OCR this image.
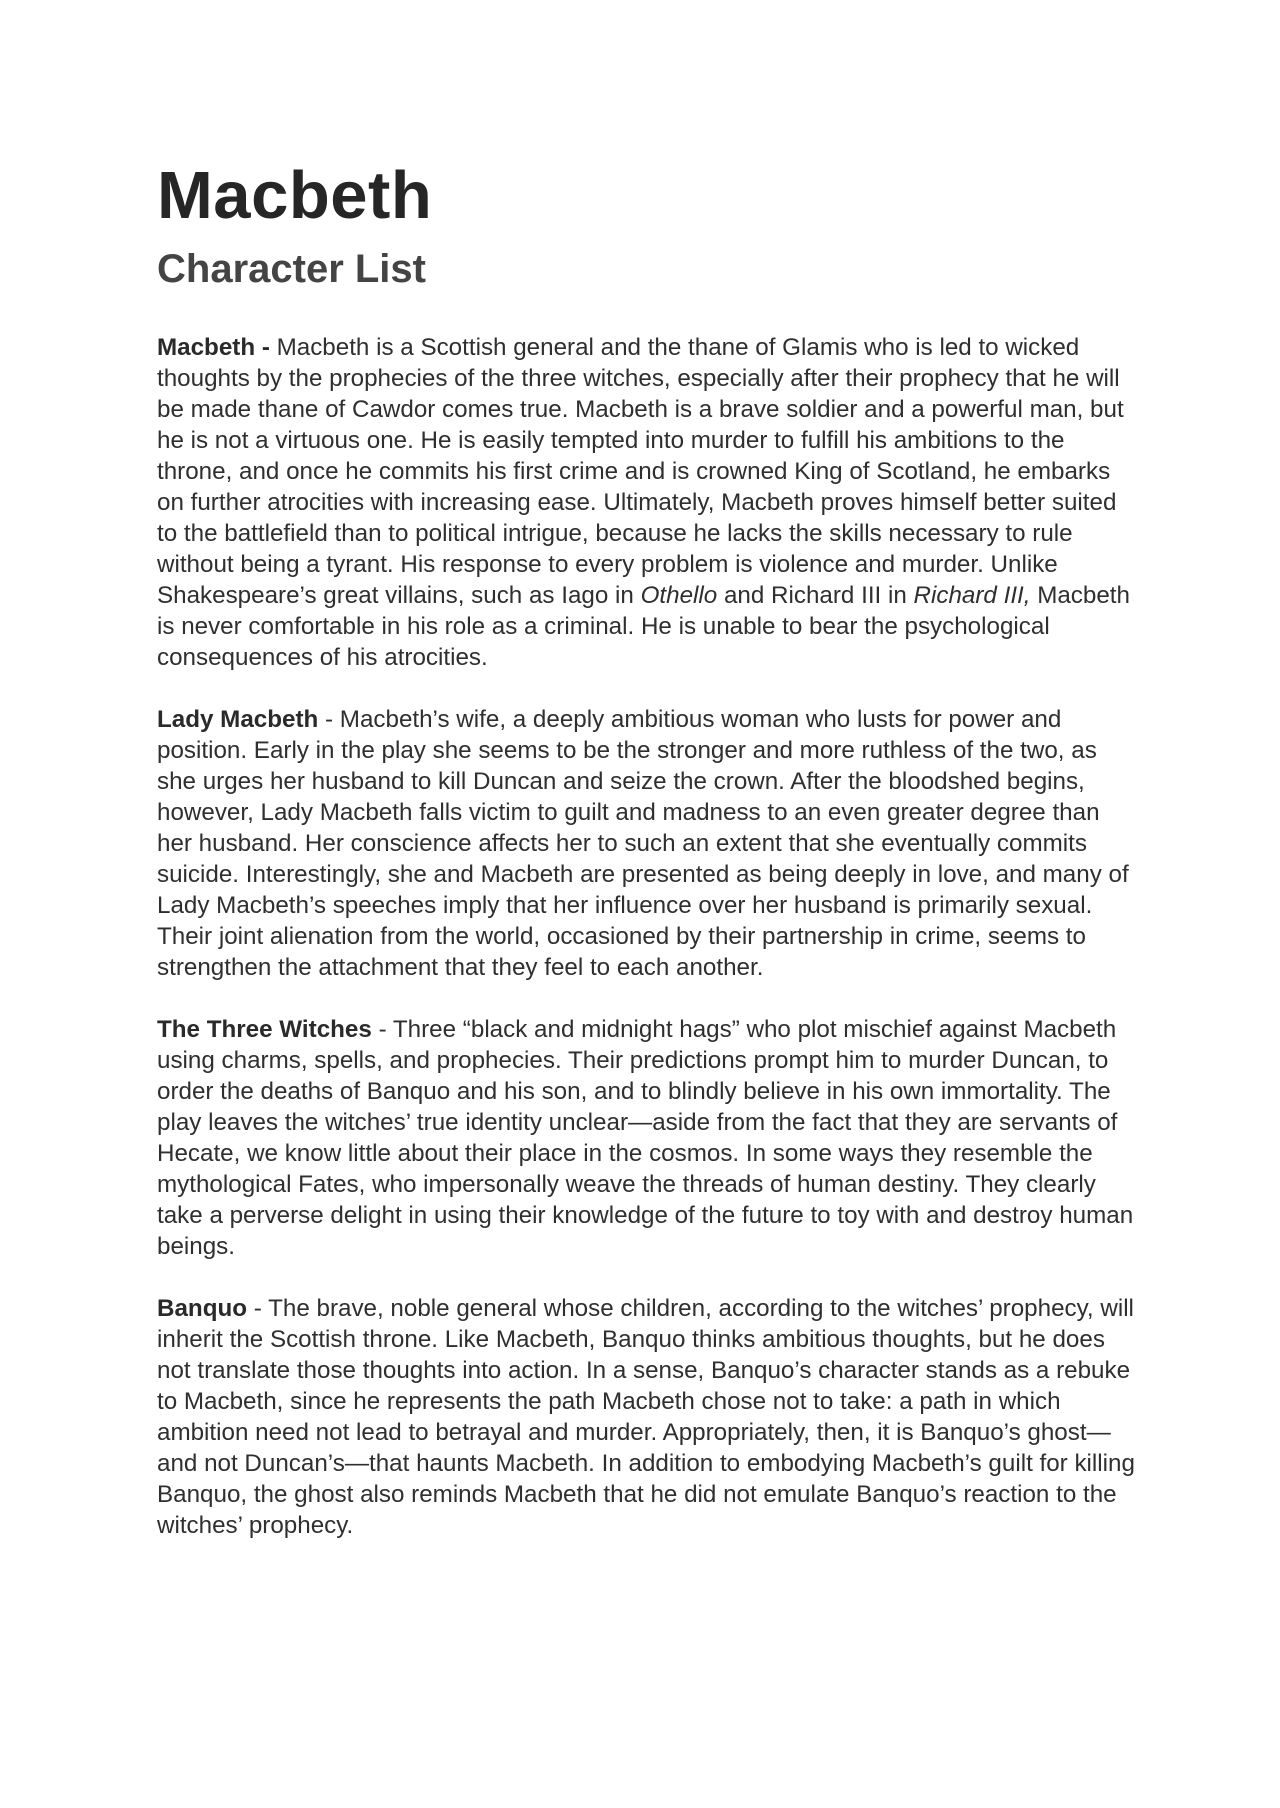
Macbeth
Character List

Macbeth - Macbeth is a Scottish general and the thane of Glamis who is led to wicked thoughts by the prophecies of the three witches, especially after their prophecy that he will be made thane of Cawdor comes true. Macbeth is a brave soldier and a powerful man, but he is not a virtuous one. He is easily tempted into murder to fulfill his ambitions to the throne, and once he commits his first crime and is crowned King of Scotland, he embarks on further atrocities with increasing ease. Ultimately, Macbeth proves himself better suited to the battlefield than to political intrigue, because he lacks the skills necessary to rule without being a tyrant. His response to every problem is violence and murder. Unlike Shakespeare’s great villains, such as Iago in Othello and Richard III in Richard III, Macbeth is never comfortable in his role as a criminal. He is unable to bear the psychological consequences of his atrocities.

Lady Macbeth - Macbeth’s wife, a deeply ambitious woman who lusts for power and position. Early in the play she seems to be the stronger and more ruthless of the two, as she urges her husband to kill Duncan and seize the crown. After the bloodshed begins, however, Lady Macbeth falls victim to guilt and madness to an even greater degree than her husband. Her conscience affects her to such an extent that she eventually commits suicide. Interestingly, she and Macbeth are presented as being deeply in love, and many of Lady Macbeth’s speeches imply that her influence over her husband is primarily sexual. Their joint alienation from the world, occasioned by their partnership in crime, seems to strengthen the attachment that they feel to each another.

The Three Witches - Three “black and midnight hags” who plot mischief against Macbeth using charms, spells, and prophecies. Their predictions prompt him to murder Duncan, to order the deaths of Banquo and his son, and to blindly believe in his own immortality. The play leaves the witches’ true identity unclear—aside from the fact that they are servants of Hecate, we know little about their place in the cosmos. In some ways they resemble the mythological Fates, who impersonally weave the threads of human destiny. They clearly take a perverse delight in using their knowledge of the future to toy with and destroy human beings.

Banquo - The brave, noble general whose children, according to the witches’ prophecy, will inherit the Scottish throne. Like Macbeth, Banquo thinks ambitious thoughts, but he does not translate those thoughts into action. In a sense, Banquo’s character stands as a rebuke to Macbeth, since he represents the path Macbeth chose not to take: a path in which ambition need not lead to betrayal and murder. Appropriately, then, it is Banquo’s ghost—and not Duncan’s—that haunts Macbeth. In addition to embodying Macbeth’s guilt for killing Banquo, the ghost also reminds Macbeth that he did not emulate Banquo’s reaction to the witches’ prophecy.
